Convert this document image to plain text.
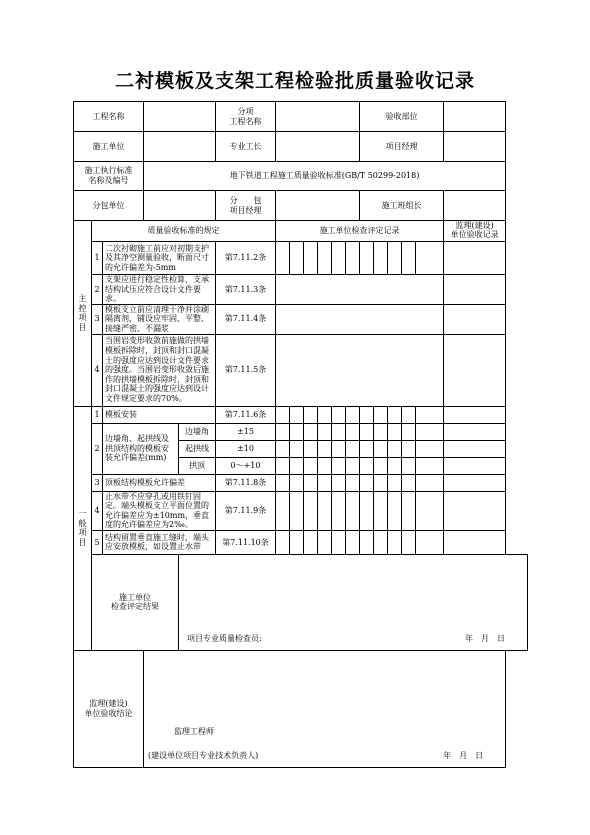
二衬模板及支架工程检验批质量验收记录
工程名称					分项
工程名称							验收部位					
施工单位					专业工长							项目经理					
施工执行标准
名称及编号			地下铁道工程施工质量验收标准(GB/T 50299-2018)														
分包单位					分　　包
项目经理							施工班组长					
主
控
项
目	质量验收标准的规定					施工单位检查评定记录											监理(建设)
单位验收记录
	1	二次衬砌施工前应对初期支护及其净空测量验收，断面尺寸的允许偏差为-5mm			第7.11.2条												
	2	支架应进行稳定性检算，支承结构试压应符合设计文件要求。			第7.11.3条												
	3	模板支立前应清理干净并涂刷隔离剂，铺设应牢固、平整、接缝严密、不漏浆			第7.11.4条												
	4	当围岩变形收敛前施做的拱墙模板拆除时，封顶和封口混凝土的强度应达到设计文件要求的强度。当围岩变形收敛后施作的拱墙模板拆除时，封顶和封口混凝土的强度应达到设计文件规定要求的70%。			第7.11.5条												
一
般
项
目	1	模板安装			第7.11.6条												
	2	边墙角、起拱线及拱顶结构的模板安装允许偏差(mm)		边墙角	±15												
				起拱线	±10												
				拱顶	0～+10												
	3	顶板结构模板允许偏差			第7.11.8条												
	4	止水带不应穿孔或用铁钉固定。端头模板支立平面位置的允许偏差应为±10mm，垂直度的允许偏差应为2‰。			第7.11.9条												
	5	结构留置垂直施工缝时，端头应安放模板，如设置止水带			第7.11.10条												
	施工单位
检查评定结果			项目专业质量检查员: 年　月　日													

监理(建设)
单位验收结论			监理工程师
(建设单位项目专业技术负责人) 年　月　日														
